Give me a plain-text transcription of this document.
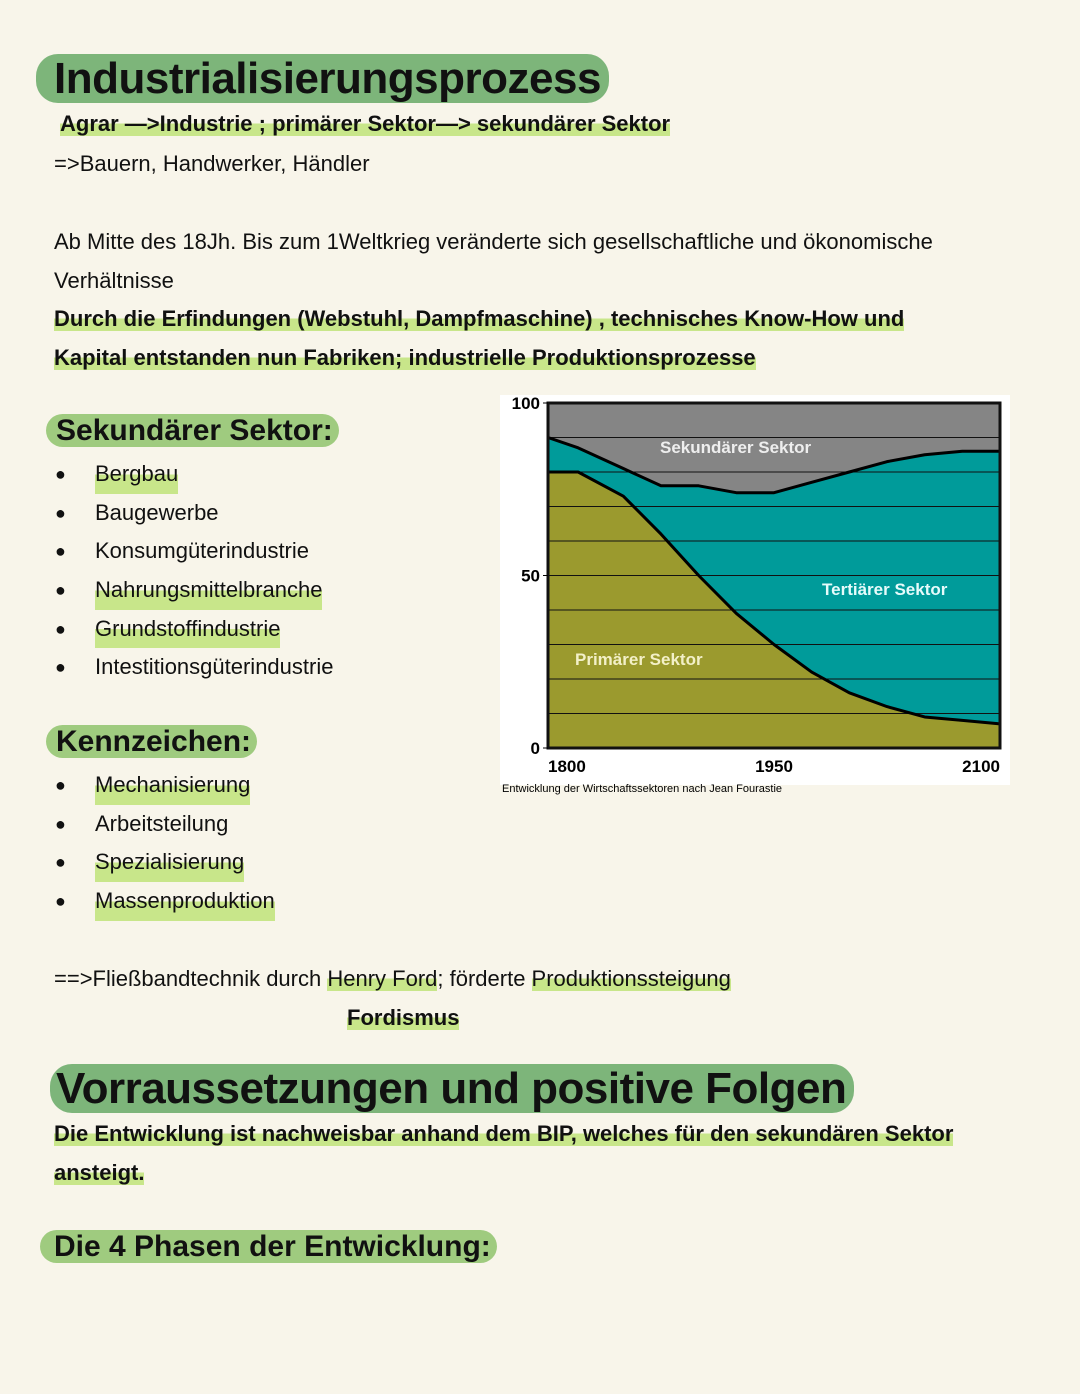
Industrialisierungsprozess
Agrar —>Industrie ; primärer Sektor—> sekundärer Sektor
=>Bauern, Handwerker, Händler
Ab Mitte des 18Jh. Bis zum 1Weltkrieg veränderte sich gesellschaftliche und ökonomische
Verhältnisse
Durch die Erfindungen (Webstuhl, Dampfmaschine) , technisches Know-How und
Kapital entstanden nun Fabriken; industrielle Produktionsprozesse
Sekundärer Sektor:
● Bergbau
● Baugewerbe
● Konsumgüterindustrie
● Nahrungsmittelbranche
● Grundstoffindustrie
● Intestitionsgüterindustrie
Kennzeichen:
● Mechanisierung
● Arbeitsteilung
● Spezialisierung
● Massenproduktion
==>Fließbandtechnik durch Henry Ford; förderte Produktionssteigung
Fordismus
Vorraussetzungen und positive Folgen
Die Entwicklung ist nachweisbar anhand dem BIP, welches für den sekundären Sektor
ansteigt.
Die 4 Phasen der Entwicklung:
0
50
100
1800	1950	2100
Primärer Sektor
Tertiärer Sektor
Sekundärer Sektor
Entwicklung der Wirtschaftssektoren nach Jean Fourastie
